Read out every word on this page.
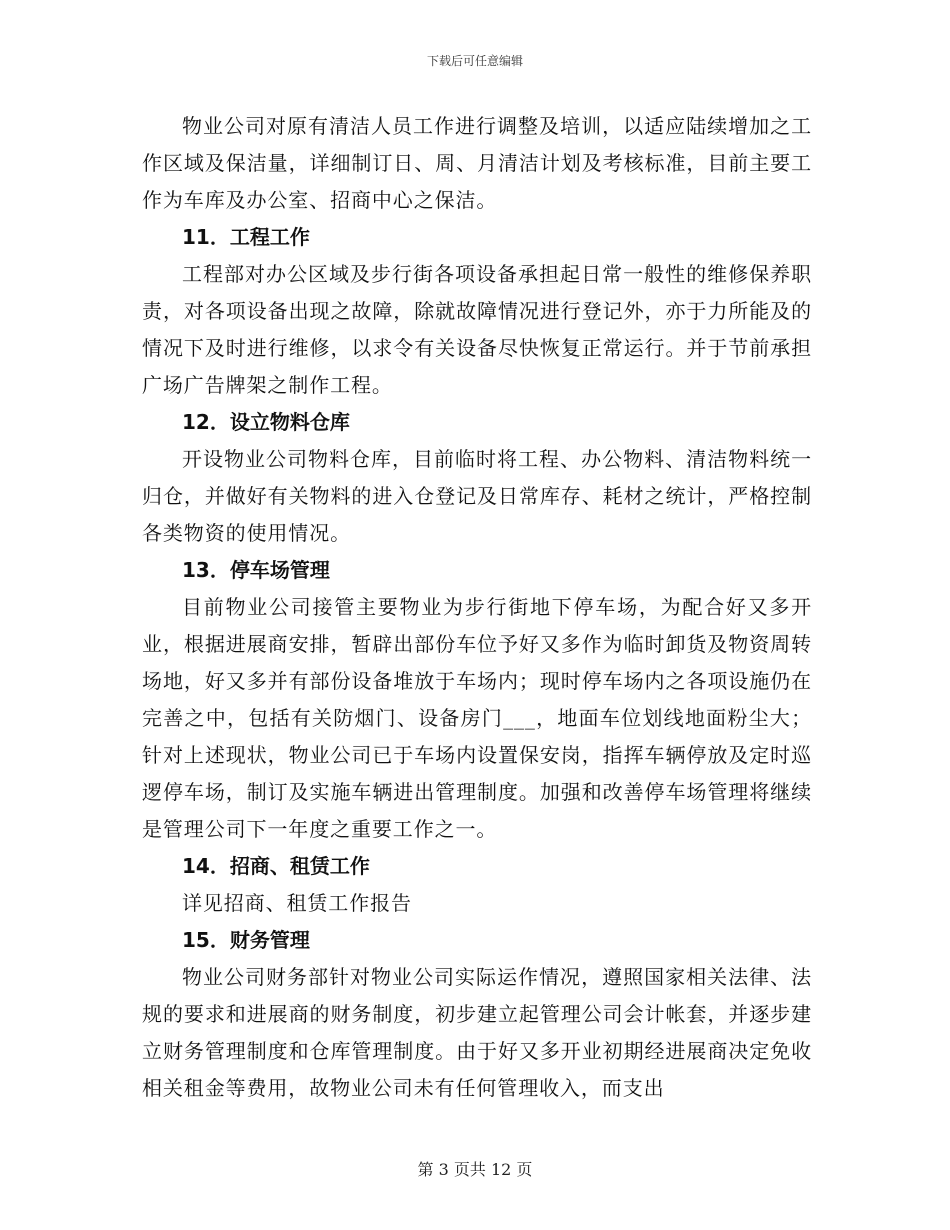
下载后可任意编辑

物业公司对原有清洁人员工作进行调整及培训，以适应陆续增加之工作区域及保洁量，详细制订日、周、月清洁计划及考核标准，目前主要工作为车库及办公室、招商中心之保洁。

11．工程工作

工程部对办公区域及步行街各项设备承担起日常一般性的维修保养职责，对各项设备出现之故障，除就故障情况进行登记外，亦于力所能及的情况下及时进行维修，以求令有关设备尽快恢复正常运行。并于节前承担广场广告牌架之制作工程。

12．设立物料仓库

开设物业公司物料仓库，目前临时将工程、办公物料、清洁物料统一归仓，并做好有关物料的进入仓登记及日常库存、耗材之统计，严格控制各类物资的使用情况。

13．停车场管理

目前物业公司接管主要物业为步行街地下停车场，为配合好又多开业，根据进展商安排，暂辟出部份车位予好又多作为临时卸货及物资周转场地，好又多并有部份设备堆放于车场内；现时停车场内之各项设施仍在完善之中，包括有关防烟门、设备房门___，地面车位划线地面粉尘大；针对上述现状，物业公司已于车场内设置保安岗，指挥车辆停放及定时巡逻停车场，制订及实施车辆进出管理制度。加强和改善停车场管理将继续是管理公司下一年度之重要工作之一。

14．招商、租赁工作

详见招商、租赁工作报告

15．财务管理

物业公司财务部针对物业公司实际运作情况，遵照国家相关法律、法规的要求和进展商的财务制度，初步建立起管理公司会计帐套，并逐步建立财务管理制度和仓库管理制度。由于好又多开业初期经进展商决定免收相关租金等费用，故物业公司未有任何管理收入，而支出

第 3 页共 12 页
